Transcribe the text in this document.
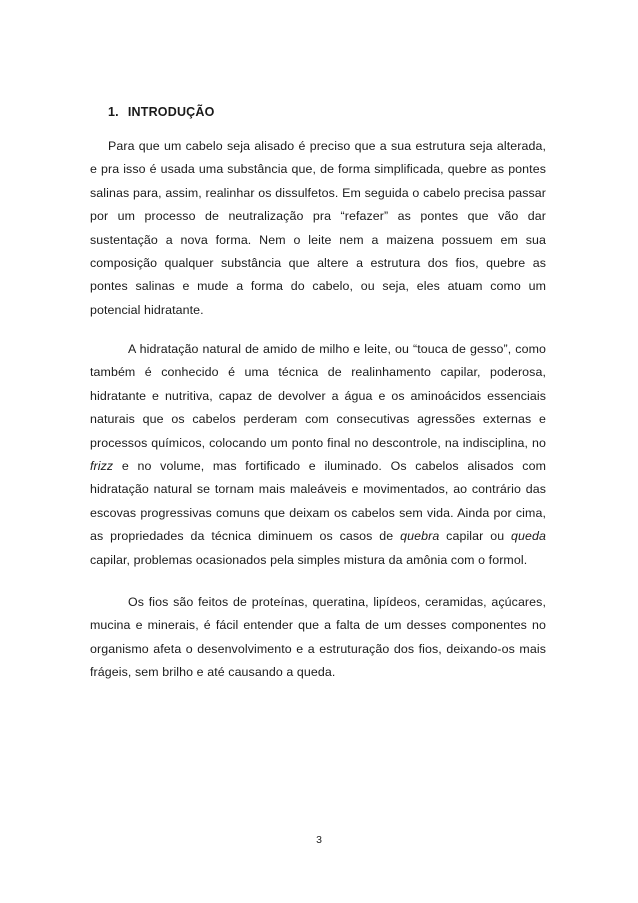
1. INTRODUÇÃO

Para que um cabelo seja alisado é preciso que a sua estrutura seja alterada, e pra isso é usada uma substância que, de forma simplificada, quebre as pontes salinas para, assim, realinhar os dissulfetos. Em seguida o cabelo precisa passar por um processo de neutralização pra “refazer” as pontes que vão dar sustentação a nova forma. Nem o leite nem a maizena possuem em sua composição qualquer substância que altere a estrutura dos fios, quebre as pontes salinas e mude a forma do cabelo, ou seja, eles atuam como um potencial hidratante.

A hidratação natural de amido de milho e leite, ou “touca de gesso”, como também é conhecido é uma técnica de realinhamento capilar, poderosa, hidratante e nutritiva, capaz de devolver a água e os aminoácidos essenciais naturais que os cabelos perderam com consecutivas agressões externas e processos químicos, colocando um ponto final no descontrole, na indisciplina, no frizz e no volume, mas fortificado e iluminado. Os cabelos alisados com hidratação natural se tornam mais maleáveis e movimentados, ao contrário das escovas progressivas comuns que deixam os cabelos sem vida. Ainda por cima, as propriedades da técnica diminuem os casos de quebra capilar ou queda capilar, problemas ocasionados pela simples mistura da amônia com o formol.

Os fios são feitos de proteínas, queratina, lipídeos, ceramidas, açúcares, mucina e minerais, é fácil entender que a falta de um desses componentes no organismo afeta o desenvolvimento e a estruturação dos fios, deixando-os mais frágeis, sem brilho e até causando a queda.

3
